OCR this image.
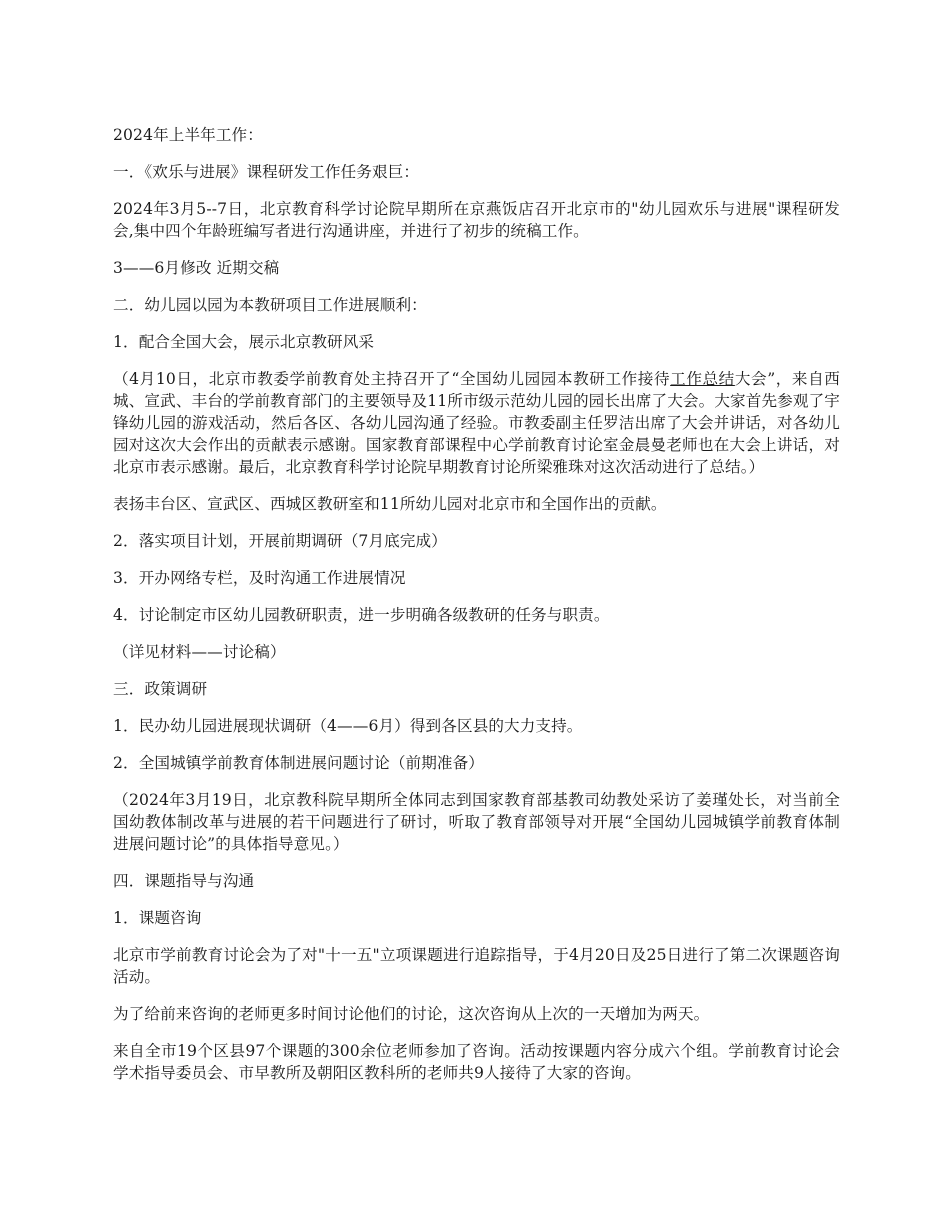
2024年上半年工作：

一．《欢乐与进展》课程研发工作任务艰巨：

2024年3月5--7日，北京教育科学讨论院早期所在京燕饭店召开北京市的"幼儿园欢乐与进展"课程研发会,集中四个年龄班编写者进行沟通讲座，并进行了初步的统稿工作。

3——6月修改 近期交稿

二．幼儿园以园为本教研项目工作进展顺利：

1．配合全国大会，展示北京教研风采

（4月10日，北京市教委学前教育处主持召开了“全国幼儿园园本教研工作接待工作总结大会”，来自西城、宣武、丰台的学前教育部门的主要领导及11所市级示范幼儿园的园长出席了大会。大家首先参观了宇锋幼儿园的游戏活动，然后各区、各幼儿园沟通了经验。市教委副主任罗洁出席了大会并讲话，对各幼儿园对这次大会作出的贡献表示感谢。国家教育部课程中心学前教育讨论室金晨曼老师也在大会上讲话，对北京市表示感谢。最后，北京教育科学讨论院早期教育讨论所梁雅珠对这次活动进行了总结。）

表扬丰台区、宣武区、西城区教研室和11所幼儿园对北京市和全国作出的贡献。

2．落实项目计划，开展前期调研（7月底完成）

3．开办网络专栏，及时沟通工作进展情况

4．讨论制定市区幼儿园教研职责，进一步明确各级教研的任务与职责。

（详见材料——讨论稿）

三．政策调研

1．民办幼儿园进展现状调研（4——6月）得到各区县的大力支持。

2．全国城镇学前教育体制进展问题讨论（前期准备）

（2024年3月19日，北京教科院早期所全体同志到国家教育部基教司幼教处采访了姜瑾处长，对当前全国幼教体制改革与进展的若干问题进行了研讨，听取了教育部领导对开展“全国幼儿园城镇学前教育体制进展问题讨论”的具体指导意见。）

四．课题指导与沟通

1．课题咨询

北京市学前教育讨论会为了对"十一五"立项课题进行追踪指导，于4月20日及25日进行了第二次课题咨询活动。

为了给前来咨询的老师更多时间讨论他们的讨论，这次咨询从上次的一天增加为两天。

来自全市19个区县97个课题的300余位老师参加了咨询。活动按课题内容分成六个组。学前教育讨论会学术指导委员会、市早教所及朝阳区教科所的老师共9人接待了大家的咨询。
